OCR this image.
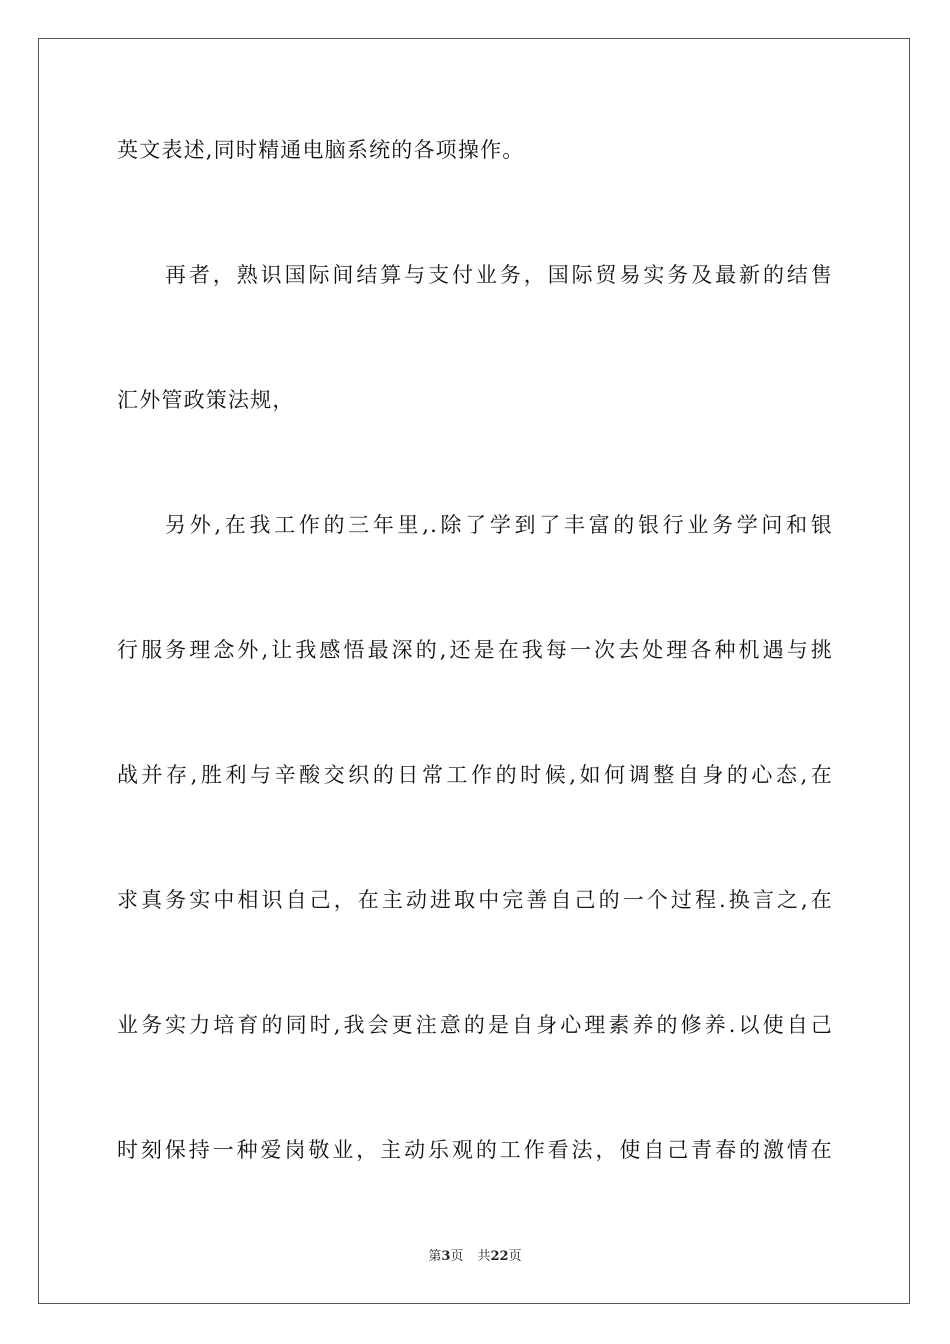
英文表述,同时精通电脑系统的各项操作。
再者，熟识国际间结算与支付业务，国际贸易实务及最新的结售
汇外管政策法规，
另外,在我工作的三年里,.除了学到了丰富的银行业务学问和银
行服务理念外,让我感悟最深的,还是在我每一次去处理各种机遇与挑
战并存,胜利与辛酸交织的日常工作的时候,如何调整自身的心态,在
求真务实中相识自己，在主动进取中完善自己的一个过程.换言之,在
业务实力培育的同时,我会更注意的是自身心理素养的修养.以使自己
时刻保持一种爱岗敬业，主动乐观的工作看法，使自己青春的激情在
第3页 共22页
